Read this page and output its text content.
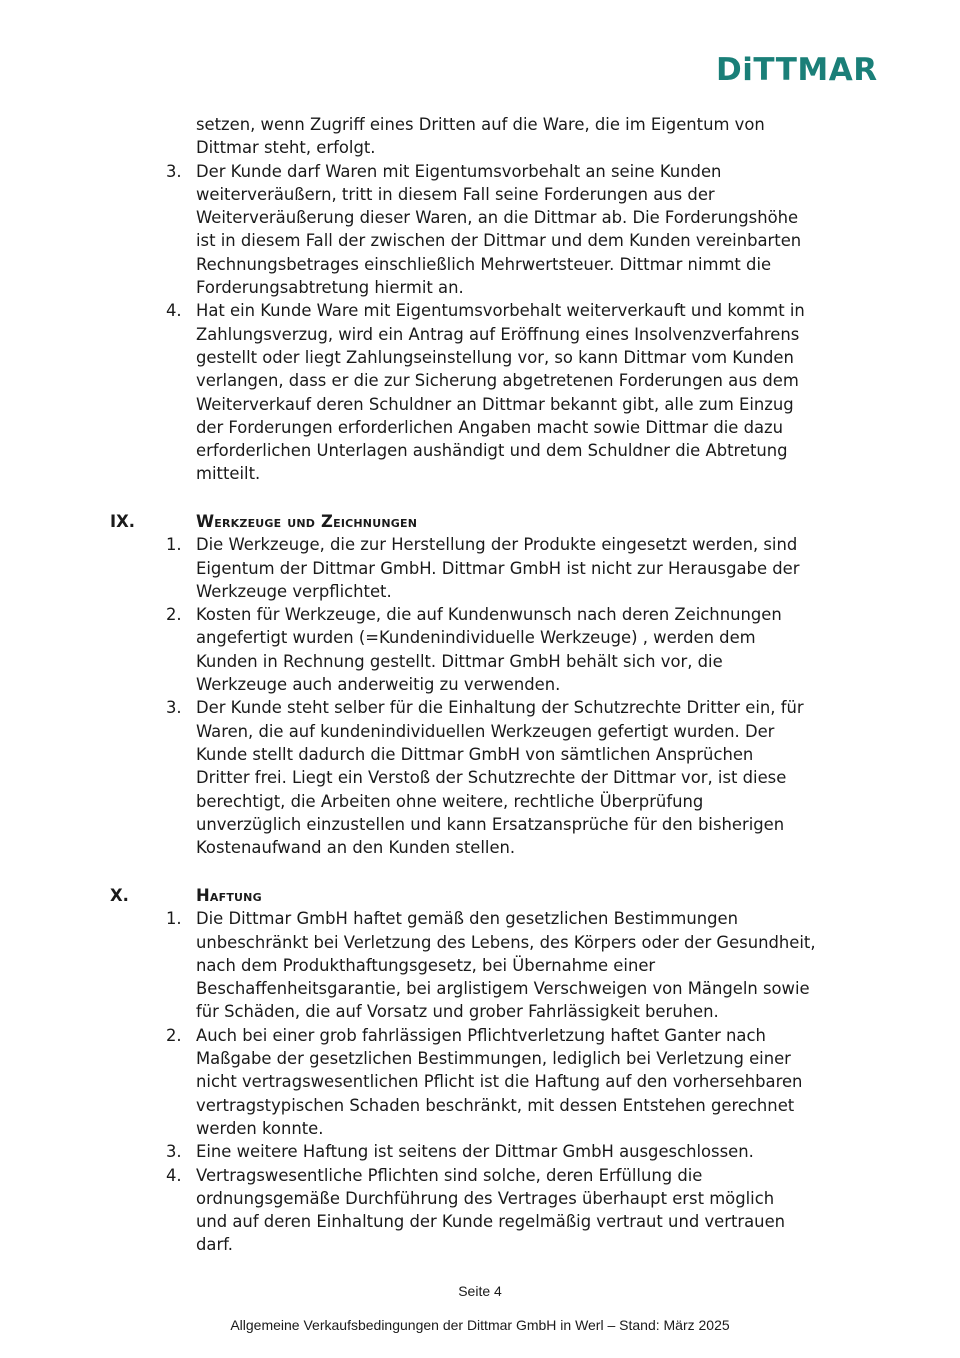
DiTTMAR
setzen, wenn Zugriff eines Dritten auf die Ware, die im Eigentum von
Dittmar steht, erfolgt.
3. Der Kunde darf Waren mit Eigentumsvorbehalt an seine Kunden
weiterveräußern, tritt in diesem Fall seine Forderungen aus der
Weiterveräußerung dieser Waren, an die Dittmar ab. Die Forderungshöhe
ist in diesem Fall der zwischen der Dittmar und dem Kunden vereinbarten
Rechnungsbetrages einschließlich Mehrwertsteuer. Dittmar nimmt die
Forderungsabtretung hiermit an.
4. Hat ein Kunde Ware mit Eigentumsvorbehalt weiterverkauft und kommt in
Zahlungsverzug, wird ein Antrag auf Eröffnung eines Insolvenzverfahrens
gestellt oder liegt Zahlungseinstellung vor, so kann Dittmar vom Kunden
verlangen, dass er die zur Sicherung abgetretenen Forderungen aus dem
Weiterverkauf deren Schuldner an Dittmar bekannt gibt, alle zum Einzug
der Forderungen erforderlichen Angaben macht sowie Dittmar die dazu
erforderlichen Unterlagen aushändigt und dem Schuldner die Abtretung
mitteilt.
IX.	Werkzeuge und Zeichnungen
1. Die Werkzeuge, die zur Herstellung der Produkte eingesetzt werden, sind
Eigentum der Dittmar GmbH. Dittmar GmbH ist nicht zur Herausgabe der
Werkzeuge verpflichtet.
2. Kosten für Werkzeuge, die auf Kundenwunsch nach deren Zeichnungen
angefertigt wurden (=Kundenindividuelle Werkzeuge) , werden dem
Kunden in Rechnung gestellt. Dittmar GmbH behält sich vor, die
Werkzeuge auch anderweitig zu verwenden.
3. Der Kunde steht selber für die Einhaltung der Schutzrechte Dritter ein, für
Waren, die auf kundenindividuellen Werkzeugen gefertigt wurden. Der
Kunde stellt dadurch die Dittmar GmbH von sämtlichen Ansprüchen
Dritter frei. Liegt ein Verstoß der Schutzrechte der Dittmar vor, ist diese
berechtigt, die Arbeiten ohne weitere, rechtliche Überprüfung
unverzüglich einzustellen und kann Ersatzansprüche für den bisherigen
Kostenaufwand an den Kunden stellen.
X.	Haftung
1. Die Dittmar GmbH haftet gemäß den gesetzlichen Bestimmungen
unbeschränkt bei Verletzung des Lebens, des Körpers oder der Gesundheit,
nach dem Produkthaftungsgesetz, bei Übernahme einer
Beschaffenheitsgarantie, bei arglistigem Verschweigen von Mängeln sowie
für Schäden, die auf Vorsatz und grober Fahrlässigkeit beruhen.
2. Auch bei einer grob fahrlässigen Pflichtverletzung haftet Ganter nach
Maßgabe der gesetzlichen Bestimmungen, lediglich bei Verletzung einer
nicht vertragswesentlichen Pflicht ist die Haftung auf den vorhersehbaren
vertragstypischen Schaden beschränkt, mit dessen Entstehen gerechnet
werden konnte.
3. Eine weitere Haftung ist seitens der Dittmar GmbH ausgeschlossen.
4. Vertragswesentliche Pflichten sind solche, deren Erfüllung die
ordnungsgemäße Durchführung des Vertrages überhaupt erst möglich
und auf deren Einhaltung der Kunde regelmäßig vertraut und vertrauen
darf.
Seite 4
Allgemeine Verkaufsbedingungen der Dittmar GmbH in Werl – Stand: März 2025
